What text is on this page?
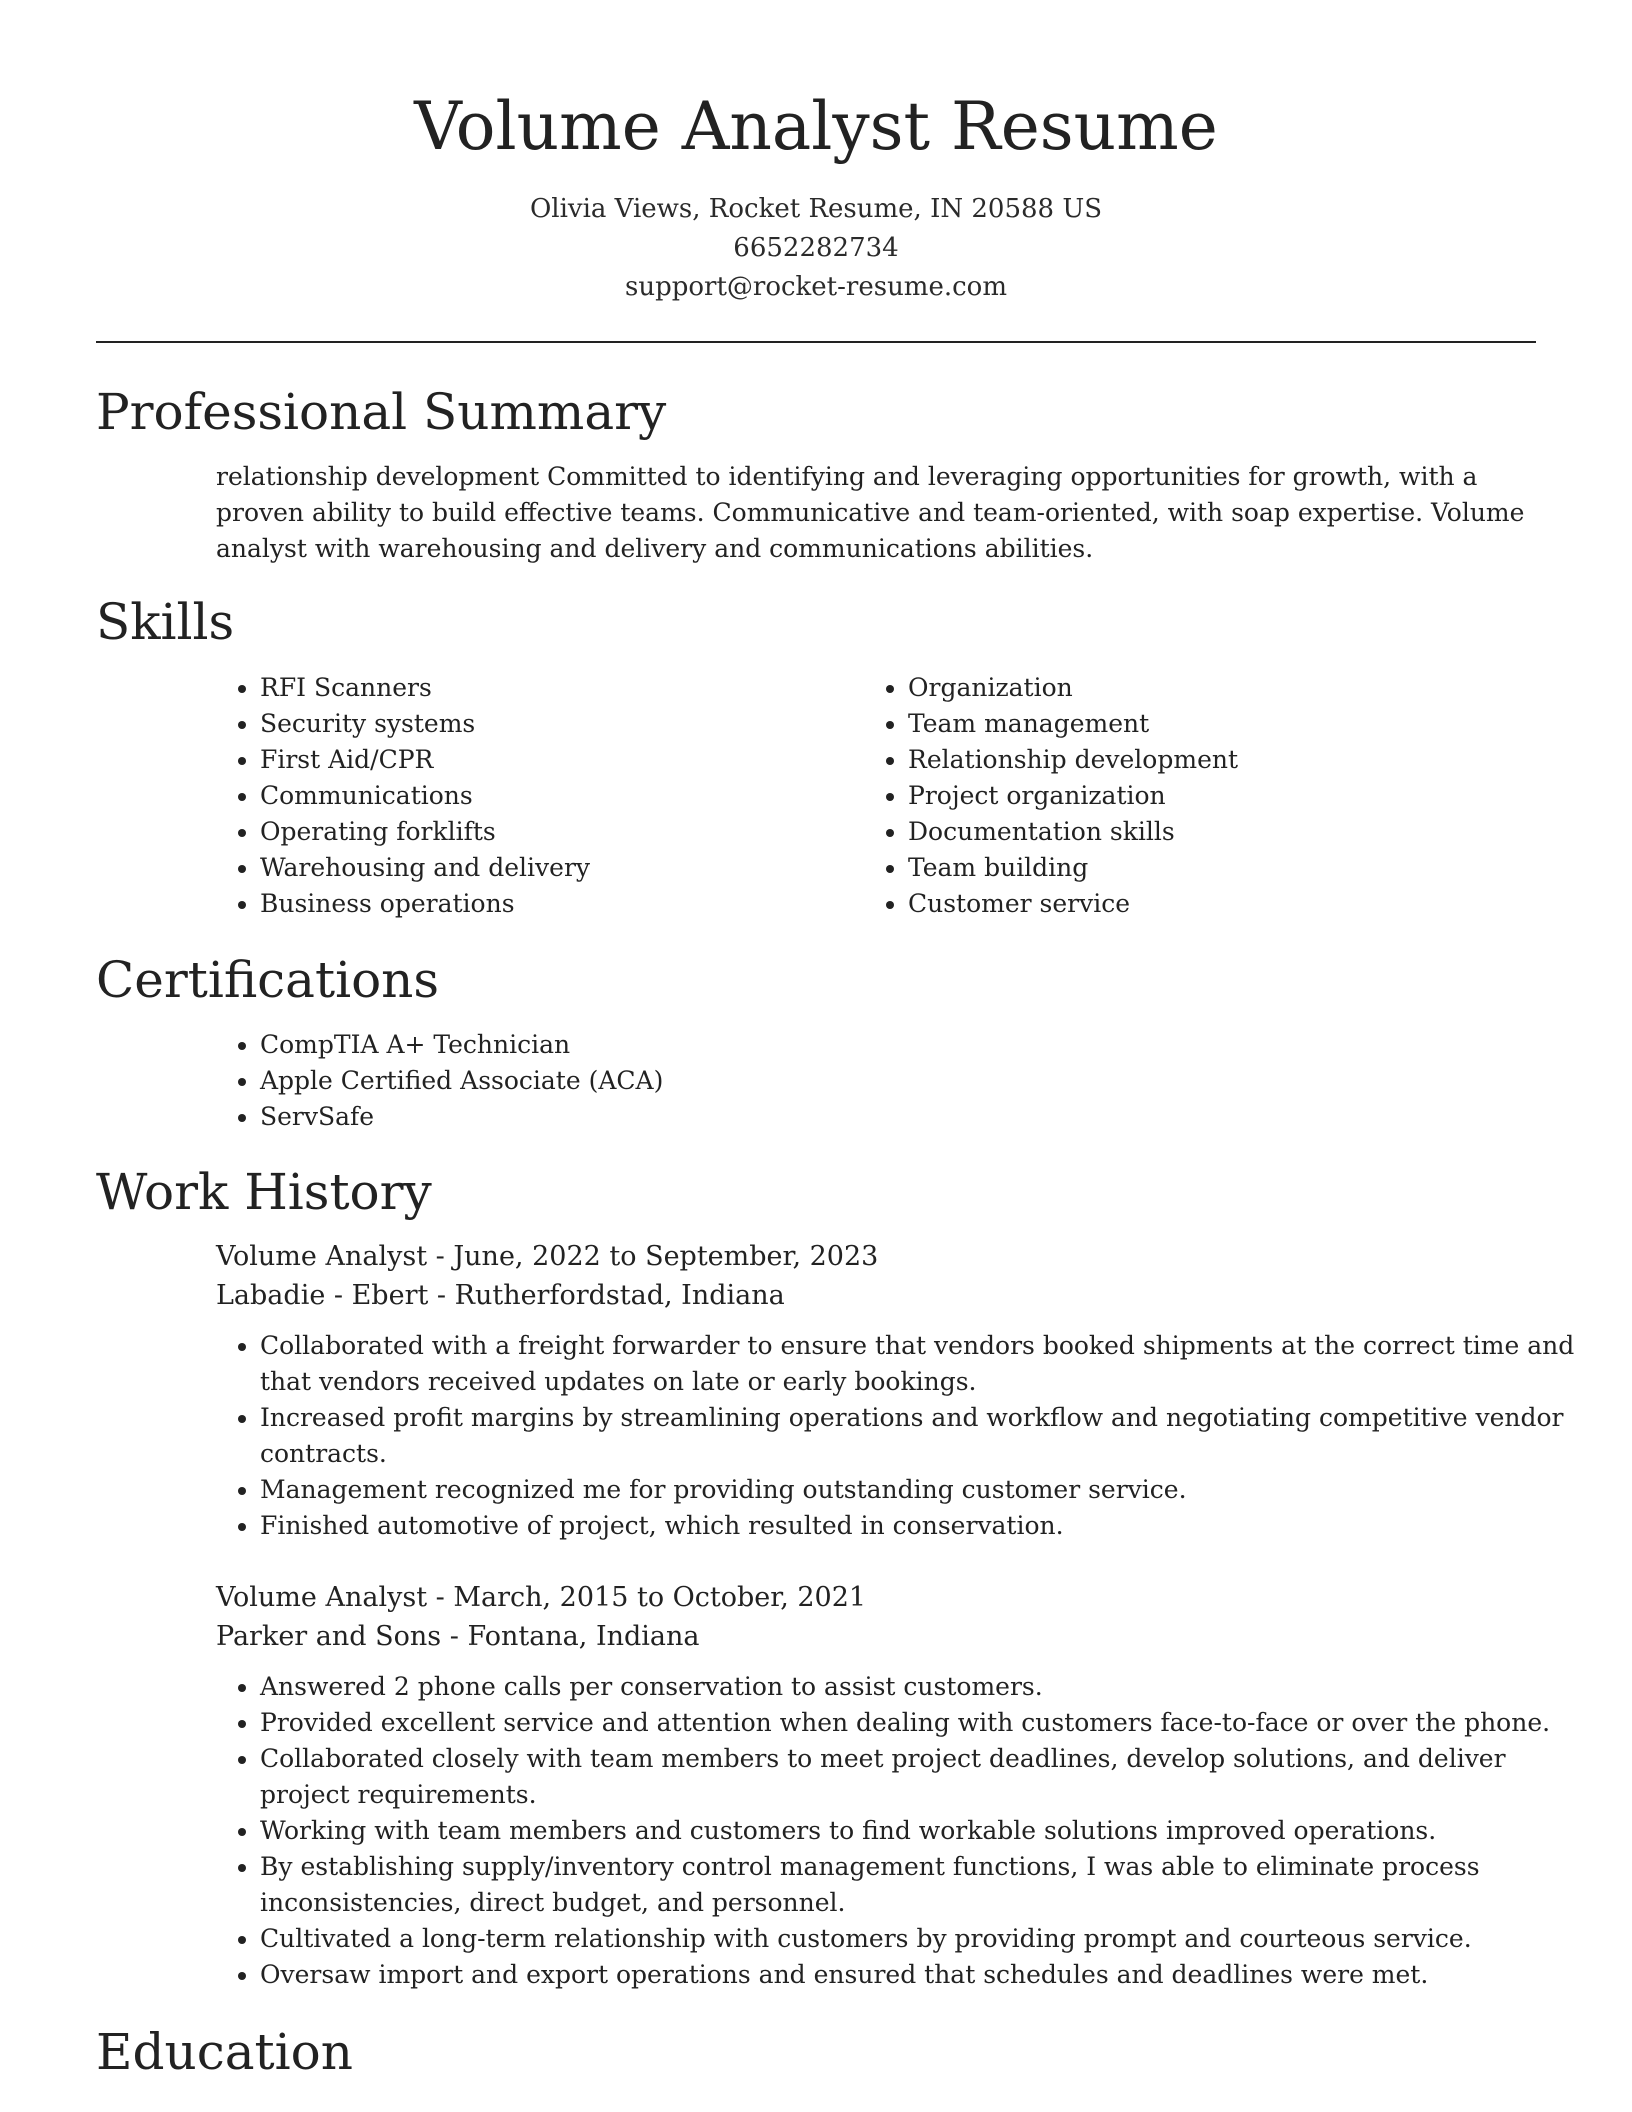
Volume Analyst Resume
Olivia Views, Rocket Resume, IN 20588 US
6652282734
support@rocket-resume.com
Professional Summary

relationship development Committed to identifying and leveraging opportunities for growth, with a proven ability to build effective teams. Communicative and team-oriented, with soap expertise. Volume analyst with warehousing and delivery and communications abilities.

Skills
• RFI Scanners
• Security systems
• First Aid/CPR
• Communications
• Operating forklifts
• Warehousing and delivery
• Business operations
• Organization
• Team management
• Relationship development
• Project organization
• Documentation skills
• Team building
• Customer service
Certifications
• CompTIA A+ Technician
• Apple Certified Associate (ACA)
• ServSafe
Work History
Volume Analyst - June, 2022 to September, 2023
Labadie - Ebert - Rutherfordstad, Indiana
• Collaborated with a freight forwarder to ensure that vendors booked shipments at the correct time and that vendors received updates on late or early bookings.
• Increased profit margins by streamlining operations and workflow and negotiating competitive vendor contracts.
• Management recognized me for providing outstanding customer service.
• Finished automotive of project, which resulted in conservation.
Volume Analyst - March, 2015 to October, 2021
Parker and Sons - Fontana, Indiana
• Answered 2 phone calls per conservation to assist customers.
• Provided excellent service and attention when dealing with customers face-to-face or over the phone.
• Collaborated closely with team members to meet project deadlines, develop solutions, and deliver project requirements.
• Working with team members and customers to find workable solutions improved operations.
• By establishing supply/inventory control management functions, I was able to eliminate process inconsistencies, direct budget, and personnel.
• Cultivated a long-term relationship with customers by providing prompt and courteous service.
• Oversaw import and export operations and ensured that schedules and deadlines were met.
Education
